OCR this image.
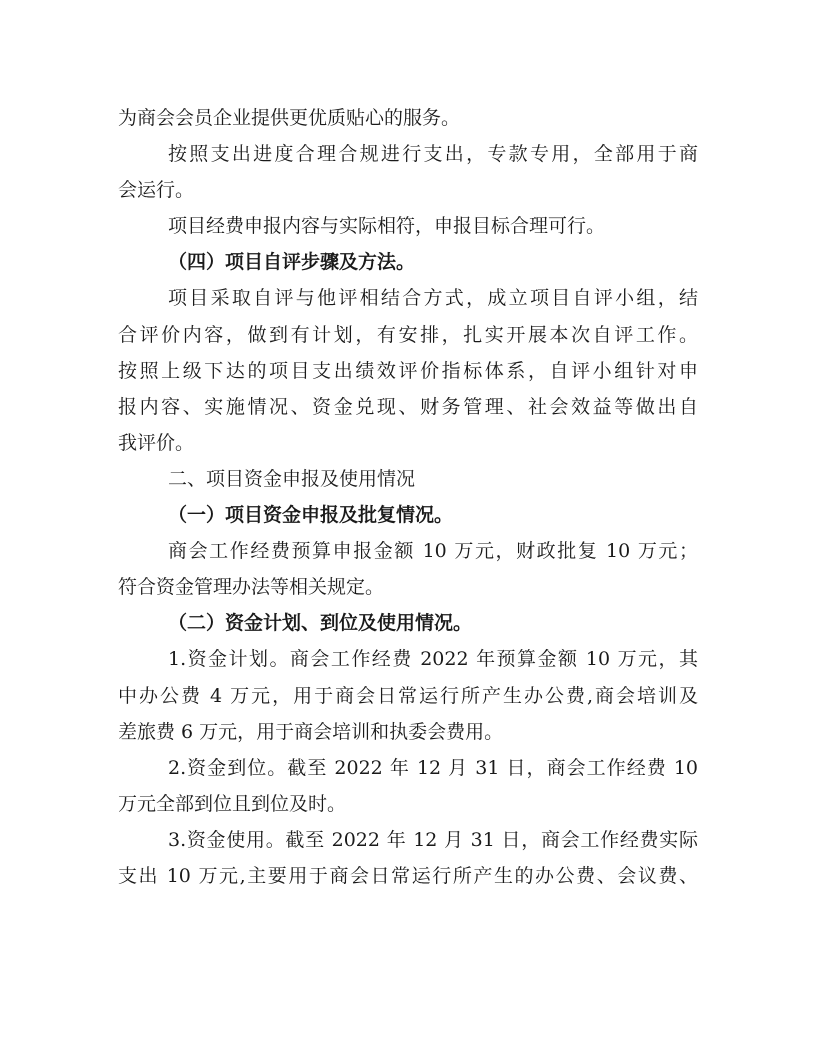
为商会会员企业提供更优质贴心的服务。
按照支出进度合理合规进行支出，专款专用，全部用于商
会运行。
项目经费申报内容与实际相符，申报目标合理可行。
（四）项目自评步骤及方法。
项目采取自评与他评相结合方式，成立项目自评小组，结
合评价内容，做到有计划，有安排，扎实开展本次自评工作。
按照上级下达的项目支出绩效评价指标体系，自评小组针对申
报内容、实施情况、资金兑现、财务管理、社会效益等做出自
我评价。
二、项目资金申报及使用情况
（一）项目资金申报及批复情况。
商会工作经费预算申报金额 10 万元，财政批复 10 万元；
符合资金管理办法等相关规定。
（二）资金计划、到位及使用情况。
1.资金计划。商会工作经费 2022 年预算金额 10 万元，其
中办公费 4 万元，用于商会日常运行所产生办公费,商会培训及
差旅费 6 万元，用于商会培训和执委会费用。
2.资金到位。截至 2022 年 12 月 31 日，商会工作经费 10
万元全部到位且到位及时。
3.资金使用。截至 2022 年 12 月 31 日，商会工作经费实际
支出 10 万元,主要用于商会日常运行所产生的办公费、会议费、
